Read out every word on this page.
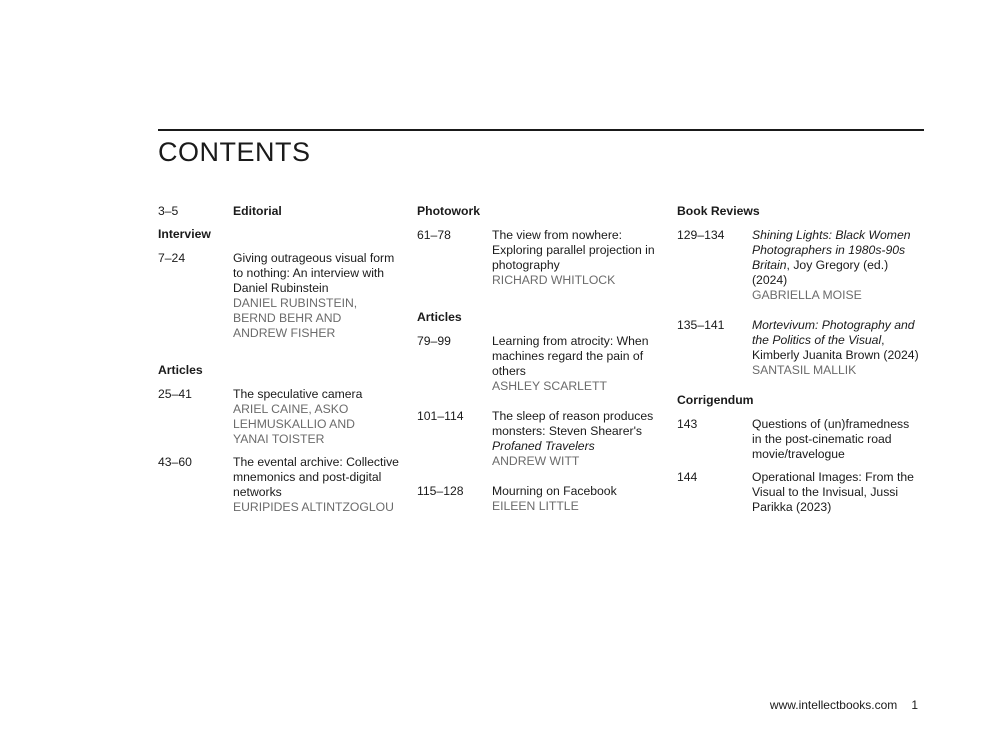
CONTENTS
3–5	Editorial
Interview
7–24	Giving outrageous visual form to nothing: An interview with Daniel Rubinstein
DANIEL RUBINSTEIN,
BERND BEHR AND
ANDREW FISHER
Articles
25–41	The speculative camera
ARIEL CAINE, ASKO
LEHMUSKALLIO AND
YANAI TOISTER
43–60	The evental archive: Collective mnemonics and post-digital networks
EURIPIDES ALTINTZOGLOU
Photowork
61–78	The view from nowhere: Exploring parallel projection in photography
RICHARD WHITLOCK
Articles
79–99	Learning from atrocity: When machines regard the pain of others
ASHLEY SCARLETT
101–114	The sleep of reason produces monsters: Steven Shearer's Profaned Travelers
ANDREW WITT
115–128	Mourning on Facebook
EILEEN LITTLE
Book Reviews
129–134	Shining Lights: Black Women Photographers in 1980s-90s Britain, Joy Gregory (ed.) (2024)
GABRIELLA MOISE
135–141	Mortevivum: Photography and the Politics of the Visual, Kimberly Juanita Brown (2024)
SANTASIL MALLIK
Corrigendum
143	Questions of (un)framedness in the post-cinematic road movie/travelogue
144	Operational Images: From the Visual to the Invisual, Jussi Parikka (2023)
www.intellectbooks.com 1
